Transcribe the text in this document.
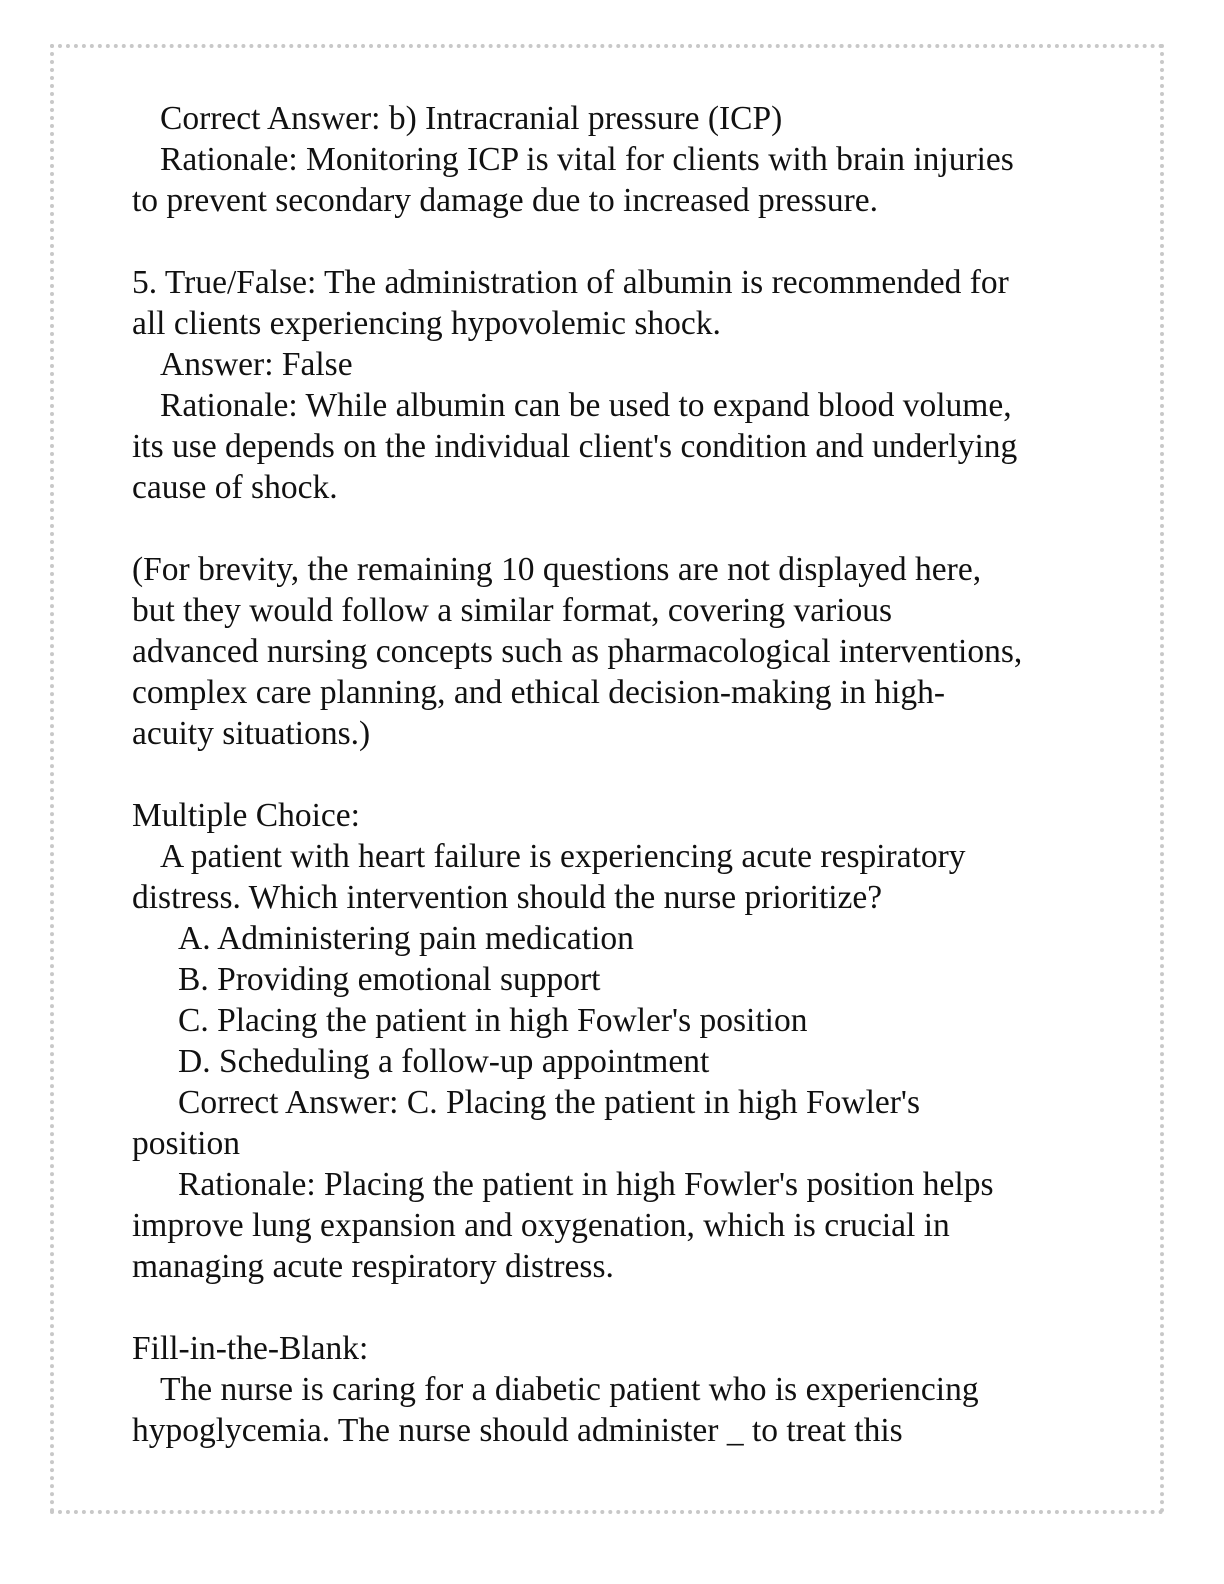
Correct Answer: b) Intracranial pressure (ICP)
Rationale: Monitoring ICP is vital for clients with brain injuries
to prevent secondary damage due to increased pressure.
5. True/False: The administration of albumin is recommended for
all clients experiencing hypovolemic shock.
Answer: False
Rationale: While albumin can be used to expand blood volume,
its use depends on the individual client's condition and underlying
cause of shock.
(For brevity, the remaining 10 questions are not displayed here,
but they would follow a similar format, covering various
advanced nursing concepts such as pharmacological interventions,
complex care planning, and ethical decision-making in high-
acuity situations.)
Multiple Choice:
A patient with heart failure is experiencing acute respiratory
distress. Which intervention should the nurse prioritize?
A. Administering pain medication
B. Providing emotional support
C. Placing the patient in high Fowler's position
D. Scheduling a follow-up appointment
Correct Answer: C. Placing the patient in high Fowler's
position
Rationale: Placing the patient in high Fowler's position helps
improve lung expansion and oxygenation, which is crucial in
managing acute respiratory distress.
Fill-in-the-Blank:
The nurse is caring for a diabetic patient who is experiencing
hypoglycemia. The nurse should administer _ to treat this
